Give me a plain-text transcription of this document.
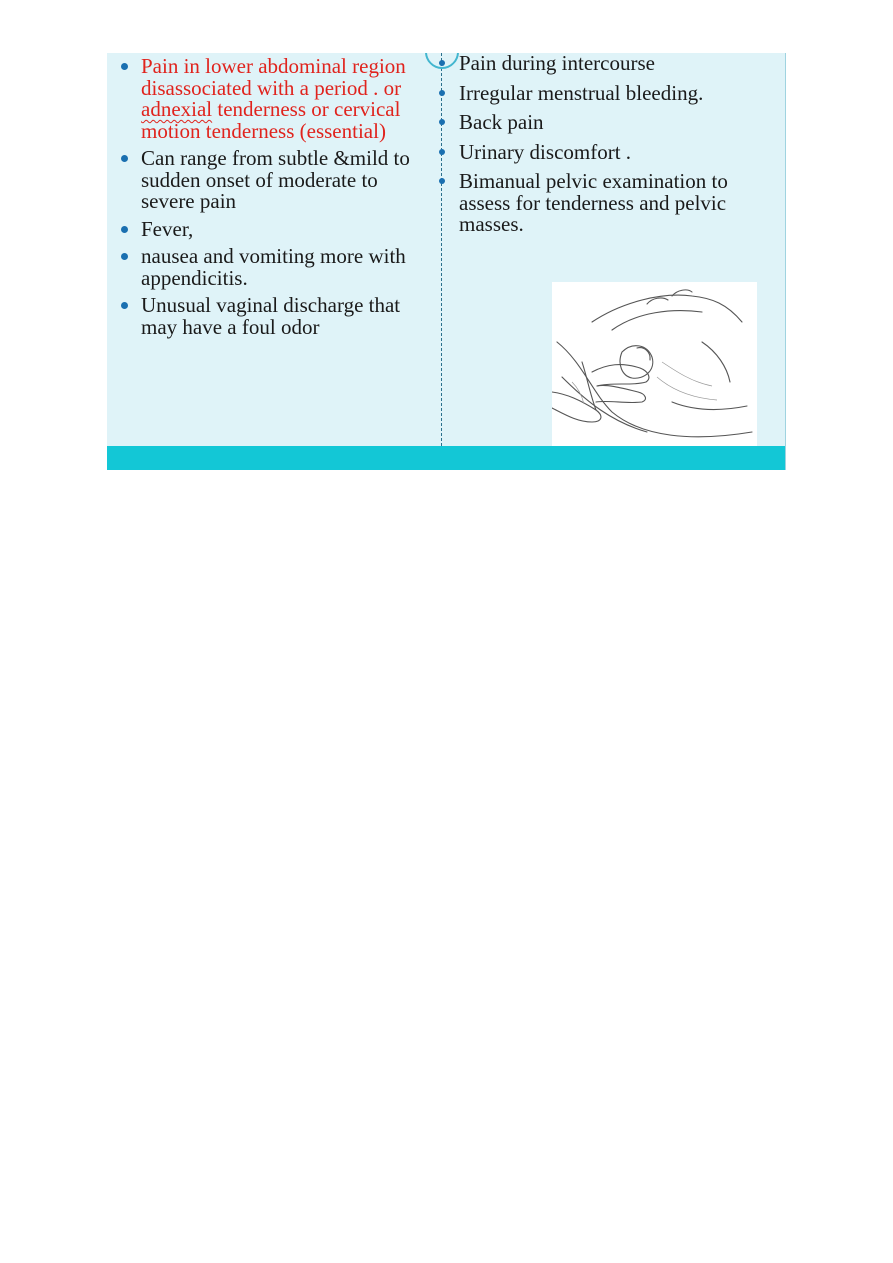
Pain in lower abdominal region disassociated with a period . or adnexial tenderness or cervical motion tenderness (essential)
Can range from subtle &mild to sudden onset of moderate to severe pain
Fever,
nausea and vomiting more with appendicitis.
Unusual vaginal discharge that may have a foul odor
Pain during intercourse
Irregular menstrual bleeding.
Back pain
Urinary discomfort .
Bimanual pelvic examination to assess for tenderness and pelvic masses.
